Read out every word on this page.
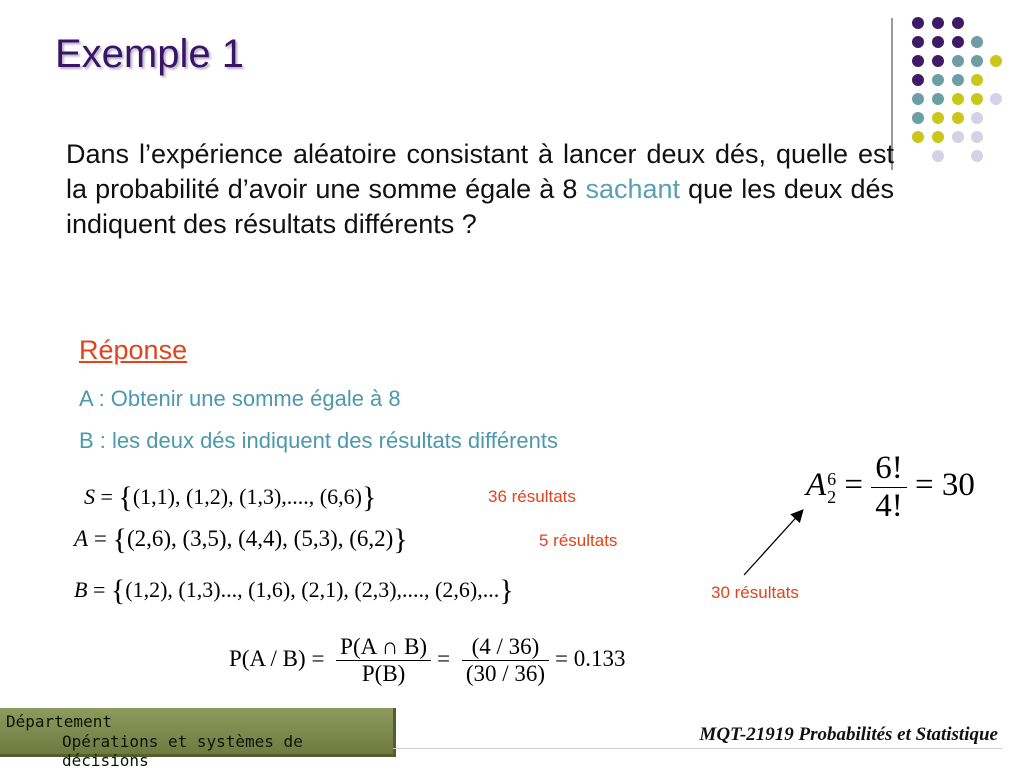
Exemple 1
Dans l’expérience aléatoire consistant à lancer deux dés, quelle est la probabilité d’avoir une somme égale à 8 sachant que les deux dés indiquent des résultats différents ?
Réponse
A : Obtenir une somme égale à 8
B : les deux dés indiquent des résultats différents
S = {(1,1), (1,2), (1,3),...., (6,6)}	36 résultats
A = {(2,6), (3,5), (4,4), (5,3), (6,2)}	5 résultats
B = {(1,2), (1,3)..., (1,6), (2,1), (2,3),...., (2,6),...}	30 résultats
A 6
$2 = \frac{6!}{4!} = 30$
$P(A / B) = \frac{P(A \cap B)}{P(B)} = \frac{(4 / 36)}{(30 / 36)} = 0.133$
Département
Opérations et systèmes de décisions
MQT-21919 Probabilités et Statistique
